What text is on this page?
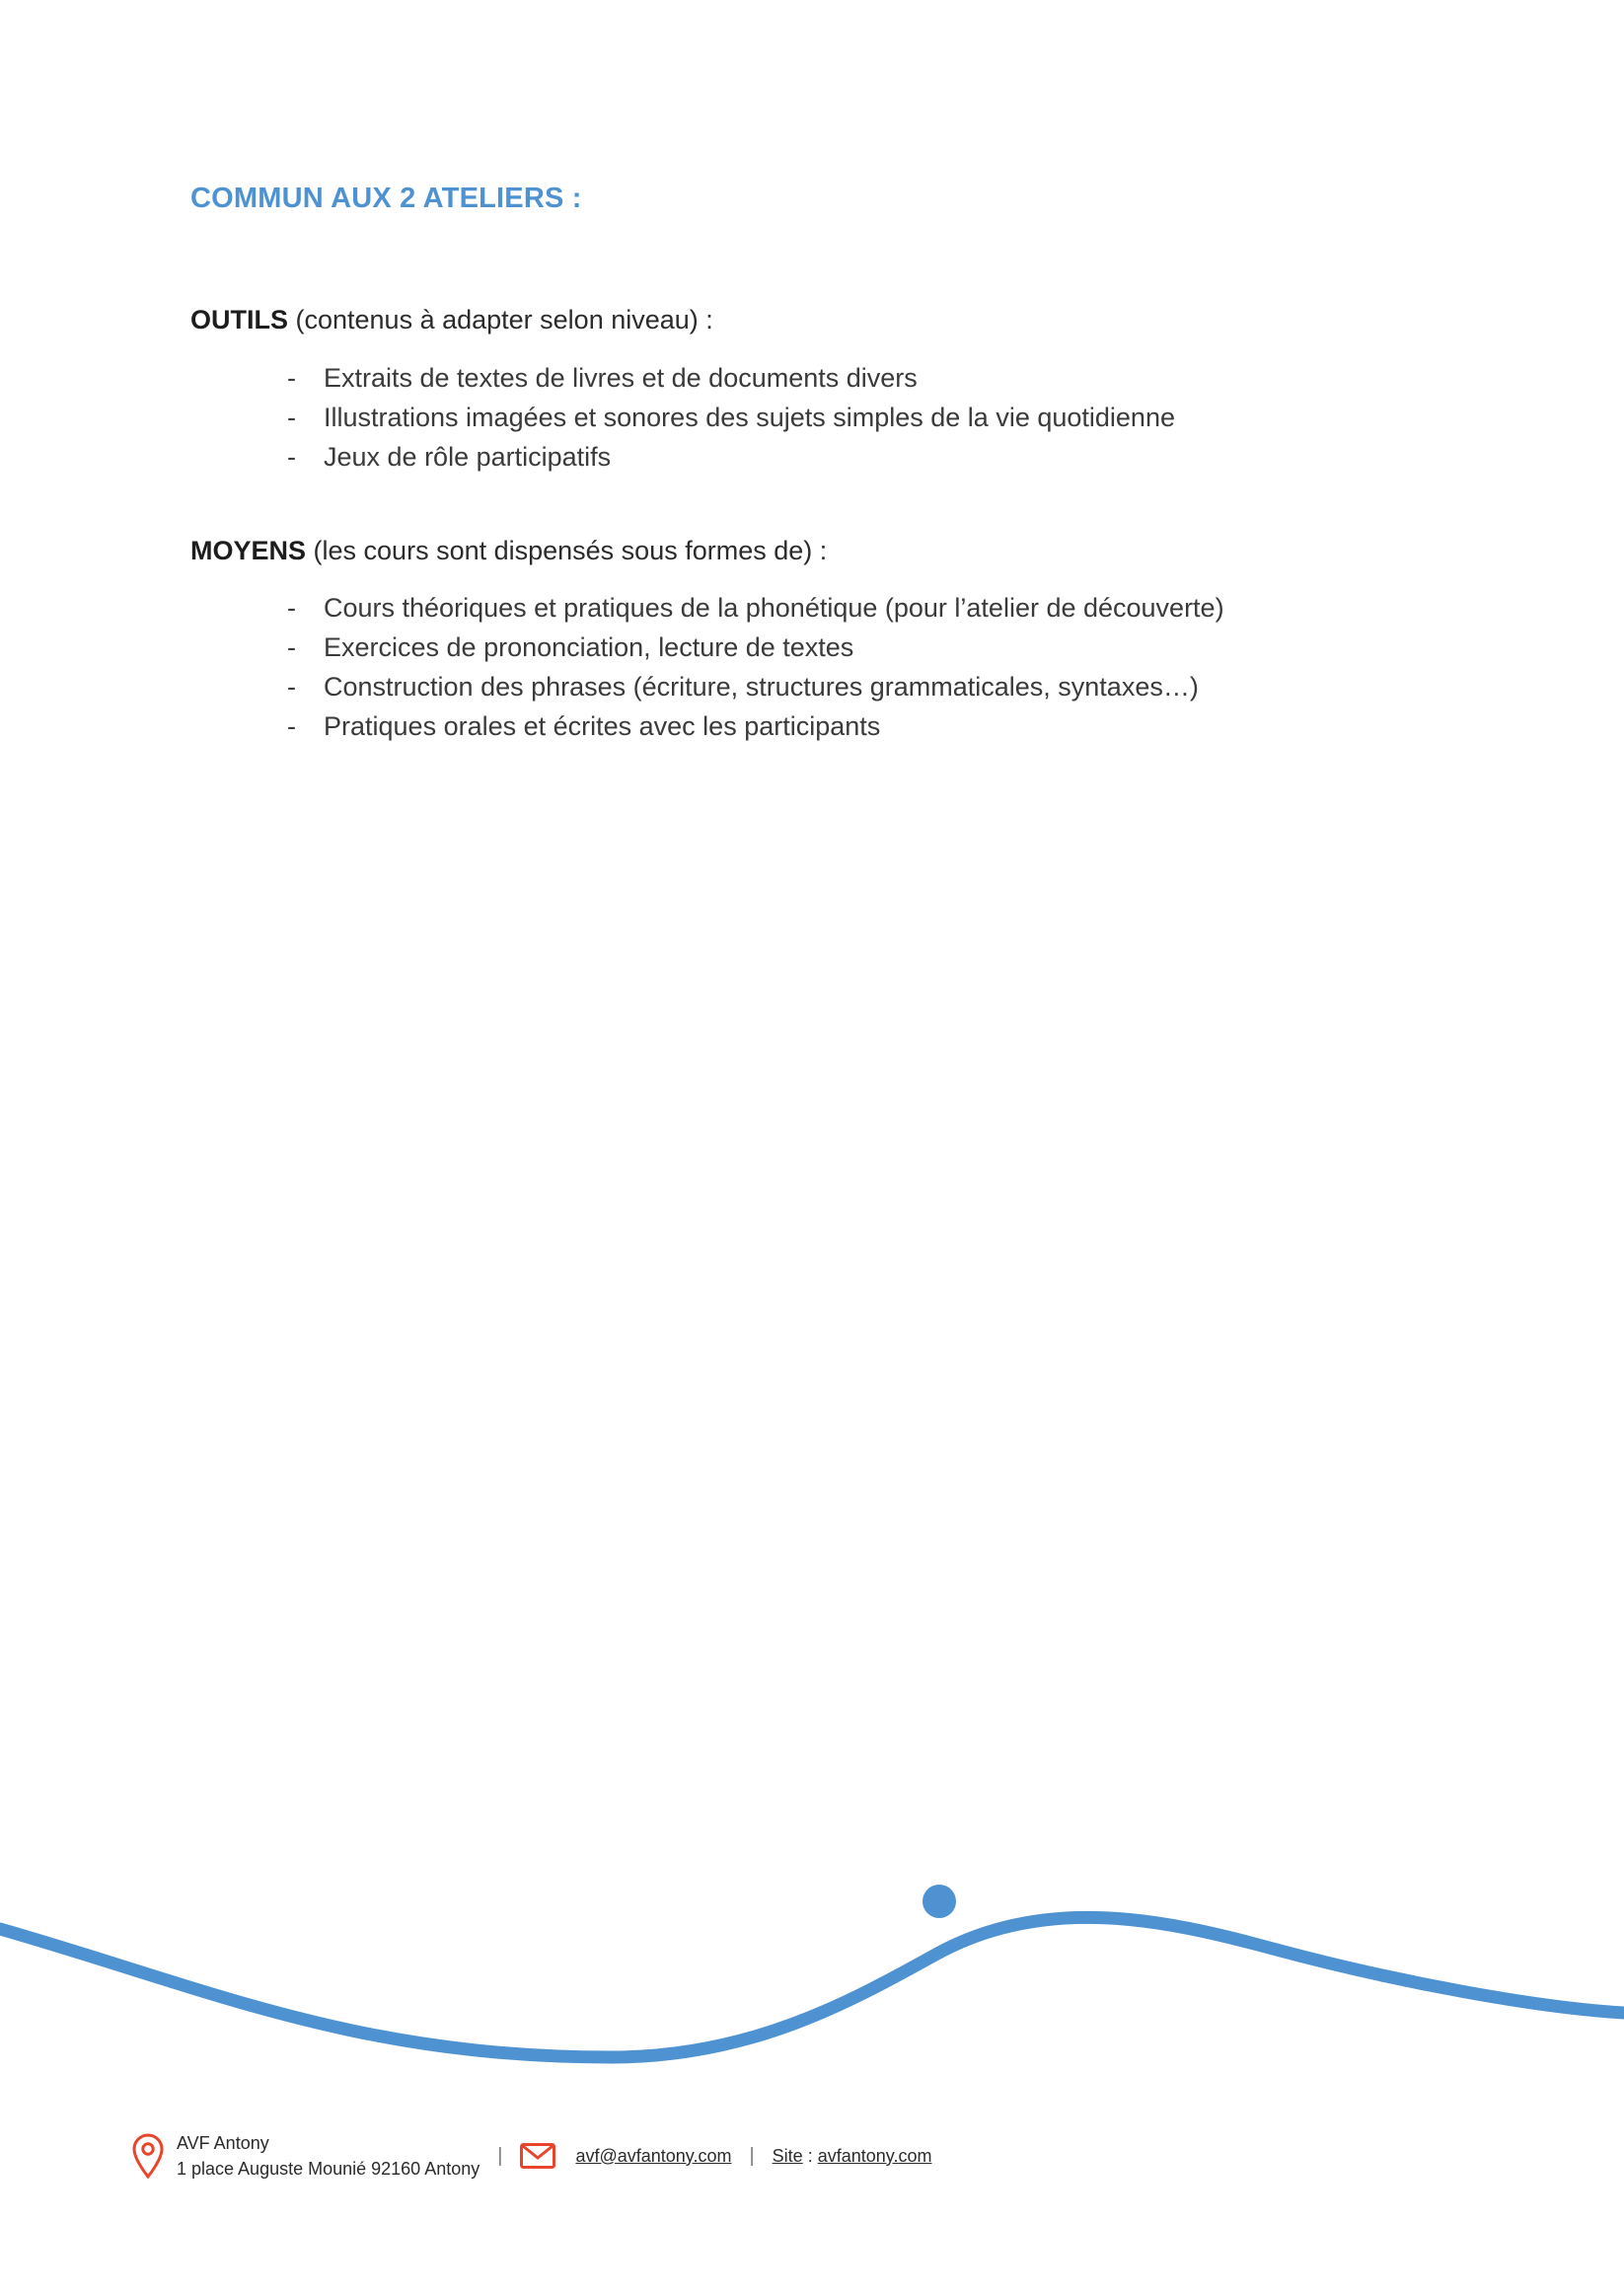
COMMUN AUX 2 ATELIERS :
OUTILS (contenus à adapter selon niveau) :
- Extraits de textes de livres et de documents divers
- Illustrations imagées et sonores des sujets simples de la vie quotidienne
- Jeux de rôle participatifs
MOYENS (les cours sont dispensés sous formes de) :
- Cours théoriques et pratiques de la phonétique (pour l’atelier de découverte)
- Exercices de prononciation, lecture de textes
- Construction des phrases (écriture, structures grammaticales, syntaxes…)
- Pratiques orales et écrites avec les participants
AVF Antony
1 place Auguste Mounié 92160 Antony
|	avf@avfantony.com | Site : avfantony.com
